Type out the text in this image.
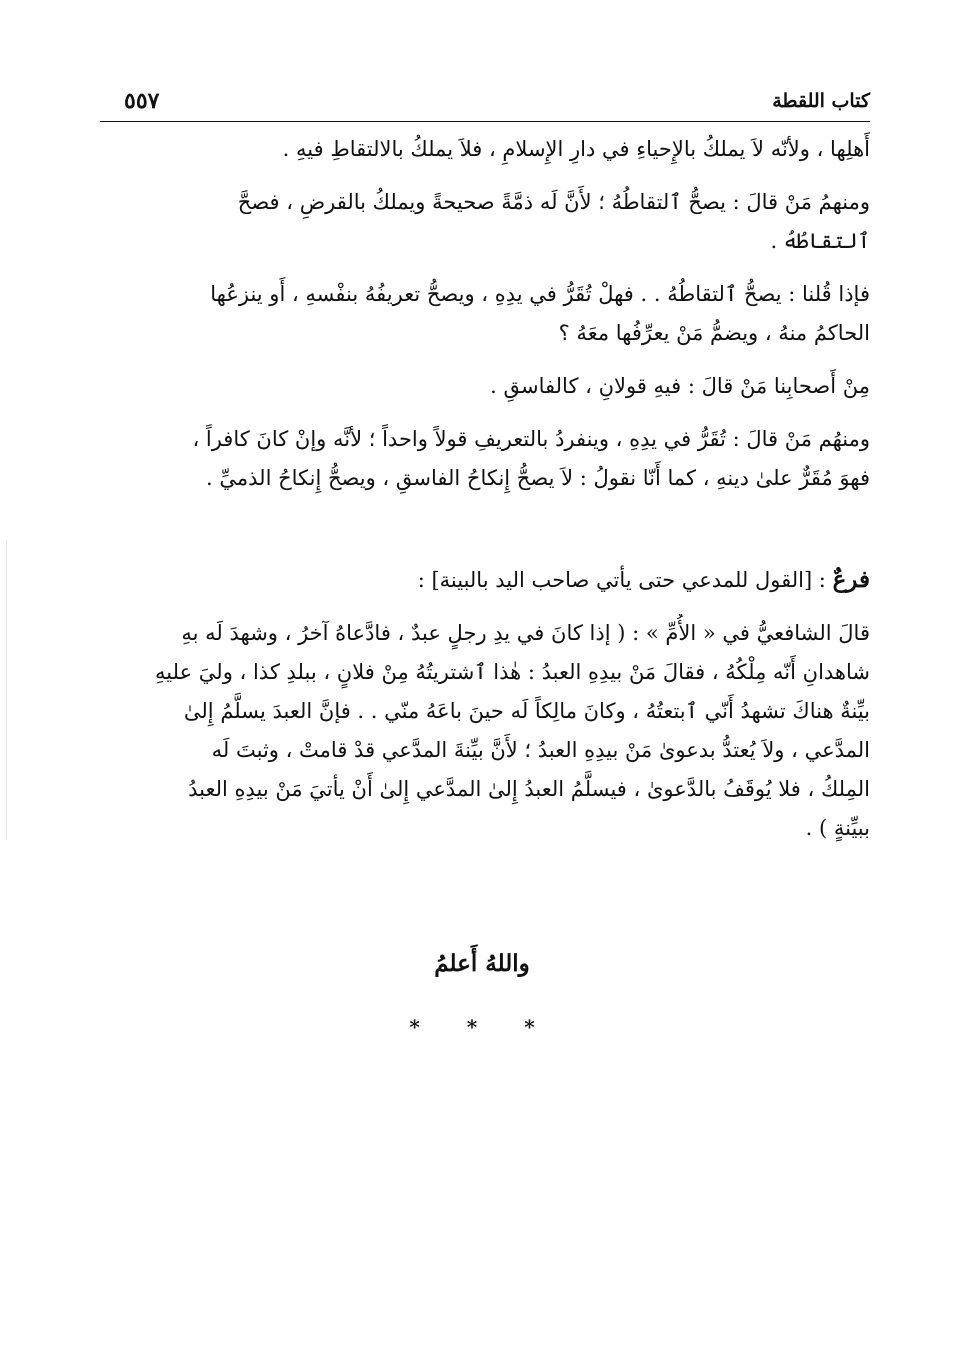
كتاب اللقطة
٥٥٧
أَهلِها ، ولأنّه لاَ يملكُ بالإِحياءِ في دارِ الإِسلامِ ، فلاَ يملكُ بالالتقاطِ فيهِ .
ومنهمُ مَنْ قالَ : يصحُّ ٱلتقاطُهُ ؛ لأَنَّ لَه ذمَّةً صحيحةً ويملكُ بالقرضِ ، فصحَّ
ٱلتقاطُهُ .
فإذا قُلنا : يصحُّ ٱلتقاطُهُ . . فهلْ تُقَرُّ في يدِهِ ، ويصحُّ تعريفُهُ بنفْسهِ ، أَو ينزعُها
الحاكمُ منهُ ، ويضمُّ مَنْ يعرِّفُها معَهُ ؟
مِنْ أَصحابِنا مَنْ قالَ : فيهِ قولانِ ، كالفاسقِ .
ومنهُم مَنْ قالَ : تُقَرُّ في يدِهِ ، وينفردُ بالتعريفِ قولاً واحداً ؛ لأنَّه وإنْ كانَ كافراً ،
فهوَ مُقَرٌّ علىٰ دينهِ ، كما أَنّا نقولُ : لاَ يصحُّ إِنكاحُ الفاسقِ ، ويصحُّ إِنكاحُ الذميِّ .
فرعٌ : [القول للمدعي حتى يأتي صاحب اليد بالبينة] :
قالَ الشافعيُّ في « الأُمِّ » : ( إذا كانَ في يدِ رجلٍ عبدٌ ، فادَّعاهُ آخرُ ، وشهدَ لَه بهِ
شاهدانِ أَنّه مِلْكُهُ ، فقالَ مَنْ بيدِهِ العبدُ : هٰذا ٱشتريتُهُ مِنْ فلانٍ ، ببلدِ كذا ، وليَ عليهِ
بيِّنةٌ هناكَ تشهدُ أَنّي ٱبتعتُهُ ، وكانَ مالِكاً لَه حينَ باعَهُ منّي . . فإنَّ العبدَ يسلَّمُ إِلىٰ
المدَّعي ، ولاَ يُعتدُّ بدعوىٰ مَنْ بيدِهِ العبدُ ؛ لأَنَّ بيِّنةَ المدَّعي قدْ قامتْ ، وثبتَ لَه
المِلكُ ، فلا يُوقَفُ بالدَّعوىٰ ، فيسلَّمُ العبدُ إِلىٰ المدَّعي إِلىٰ أَنْ يأتيَ مَنْ بيدِهِ العبدُ
ببيِّنةٍ ) .
واللهُ أَعلمُ
* * *
